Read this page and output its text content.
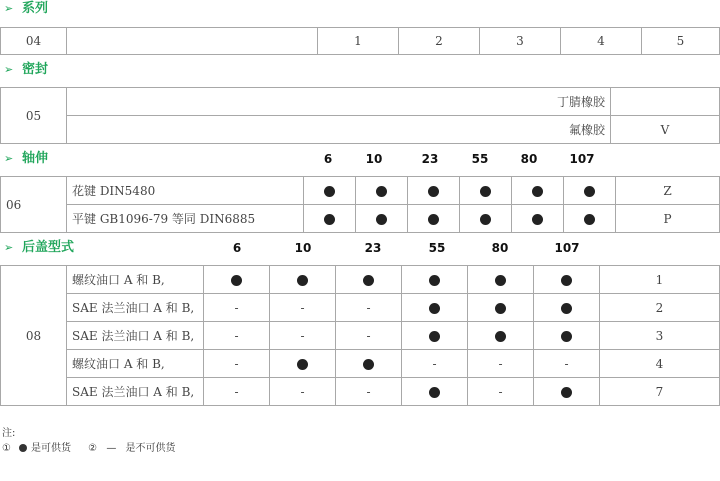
➢ 系列
04		1	2	3	4	5
➢ 密封
05	丁腈橡胶	
	氟橡胶	V
➢ 轴伸	6	10	23	55	80	107
06	花键 DIN5480							Z
	平键 GB1096-79 等同 DIN6885							P
➢ 后盖型式	6	10	23	55	80	107
08	螺纹油口 A 和 B,							1
	SAE 法兰油口 A 和 B,	-	-	-				2
	SAE 法兰油口 A 和 B,	-	-	-				3
	螺纹油口 A 和 B,	-			-	-	-	4
	SAE 法兰油口 A 和 B,	-	-	-		-		7
注:
① 是可供货 ② — 是不可供货
